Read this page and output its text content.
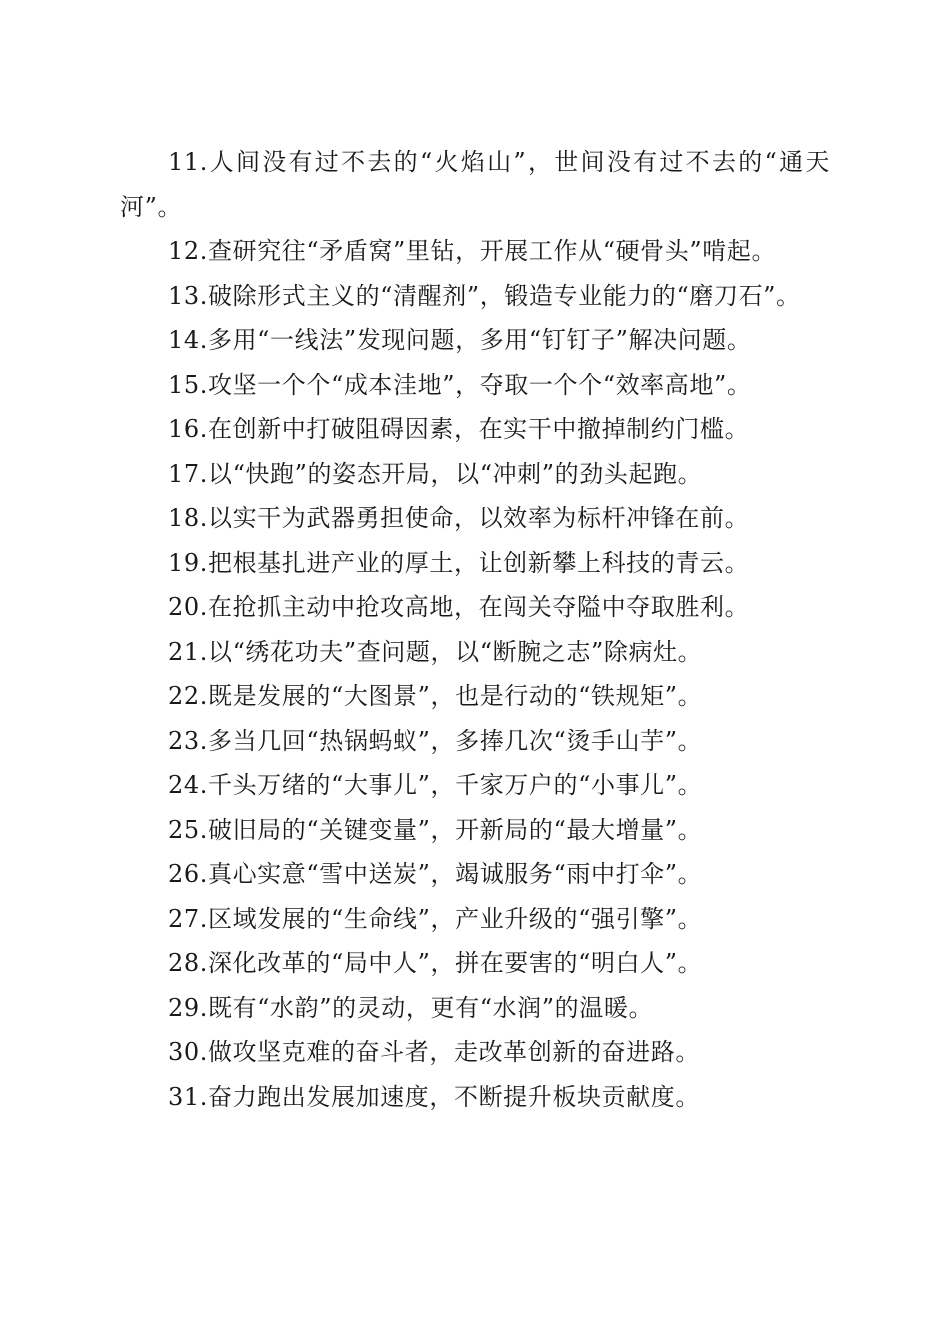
11.人间没有过不去的“火焰山”，世间没有过不去的“通天河”。

12.查研究往“矛盾窝”里钻，开展工作从“硬骨头”啃起。

13.破除形式主义的“清醒剂”，锻造专业能力的“磨刀石”。

14.多用“一线法”发现问题，多用“钉钉子”解决问题。

15.攻坚一个个“成本洼地”，夺取一个个“效率高地”。

16.在创新中打破阻碍因素，在实干中撤掉制约门槛。

17.以“快跑”的姿态开局，以“冲刺”的劲头起跑。

18.以实干为武器勇担使命，以效率为标杆冲锋在前。

19.把根基扎进产业的厚土，让创新攀上科技的青云。

20.在抢抓主动中抢攻高地，在闯关夺隘中夺取胜利。

21.以“绣花功夫”查问题，以“断腕之志”除病灶。

22.既是发展的“大图景”，也是行动的“铁规矩”。

23.多当几回“热锅蚂蚁”，多捧几次“烫手山芋”。

24.千头万绪的“大事儿”，千家万户的“小事儿”。

25.破旧局的“关键变量”，开新局的“最大增量”。

26.真心实意“雪中送炭”，竭诚服务“雨中打伞”。

27.区域发展的“生命线”，产业升级的“强引擎”。

28.深化改革的“局中人”，拼在要害的“明白人”。

29.既有“水韵”的灵动，更有“水润”的温暖。

30.做攻坚克难的奋斗者，走改革创新的奋进路。

31.奋力跑出发展加速度，不断提升板块贡献度。
